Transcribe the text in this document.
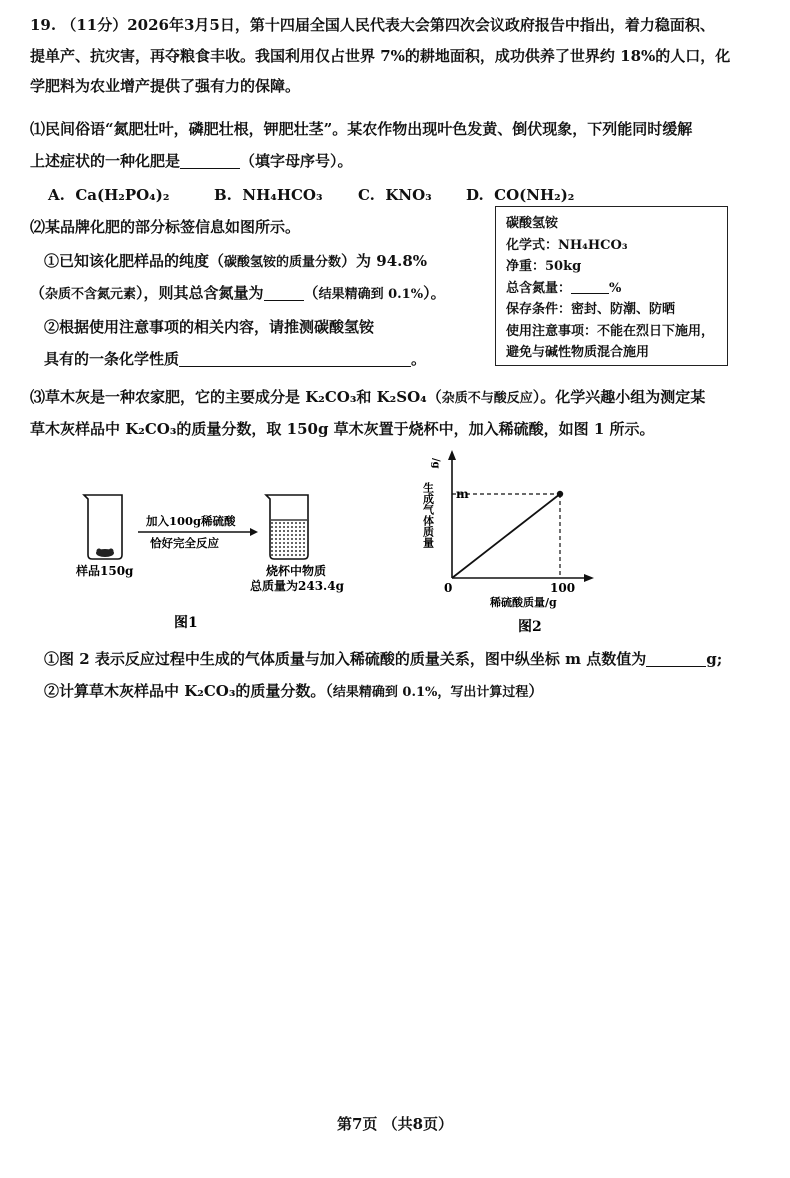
19. （11分）2026年3月5日，第十四届全国人民代表大会第四次会议政府报告中指出，着力稳面积、
提单产、抗灾害，再夺粮食丰收。我国利用仅占世界 7%的耕地面积，成功供养了世界约 18%的人口，化
学肥料为农业增产提供了强有力的保障。
⑴民间俗语“氮肥壮叶，磷肥壮根，钾肥壮茎”。某农作物出现叶色发黄、倒伏现象，下列能同时缓解
上述症状的一种化肥是	（填字母序号）。
A. Ca(H₂PO₄)₂	B. NH₄HCO₃ C. KNO₃ D. CO(NH₂)₂
⑵某品牌化肥的部分标签信息如图所示。
①已知该化肥样品的纯度（碳酸氢铵的质量分数）为 94.8%
（杂质不含氮元素），则其总含氮量为	（结果精确到 0.1%）。
②根据使用注意事项的相关内容，请推测碳酸氢铵
具有的一条化学性质	。
碳酸氢铵
化学式：NH₄HCO₃
净重：50kg
总含氮量：	%
保存条件：密封、防潮、防晒
使用注意事项：不能在烈日下施用，
避免与碱性物质混合施用
⑶草木灰是一种农家肥，它的主要成分是 K₂CO₃和 K₂SO₄（杂质不与酸反应）。化学兴趣小组为测定某
草木灰样品中 K₂CO₃的质量分数，取 150g 草木灰置于烧杯中，加入稀硫酸，如图 1 所示。
样品150g
加入100g稀硫酸
恰好完全反应
烧杯中物质
总质量为243.4g
图1
/g
生成气体质量 m
0	100
稀硫酸质量/g
图2
①图 2 表示反应过程中生成的气体质量与加入稀硫酸的质量关系，图中纵坐标 m 点数值为	g;
②计算草木灰样品中 K₂CO₃的质量分数。（结果精确到 0.1%，写出计算过程）
第7页 （共8页）
